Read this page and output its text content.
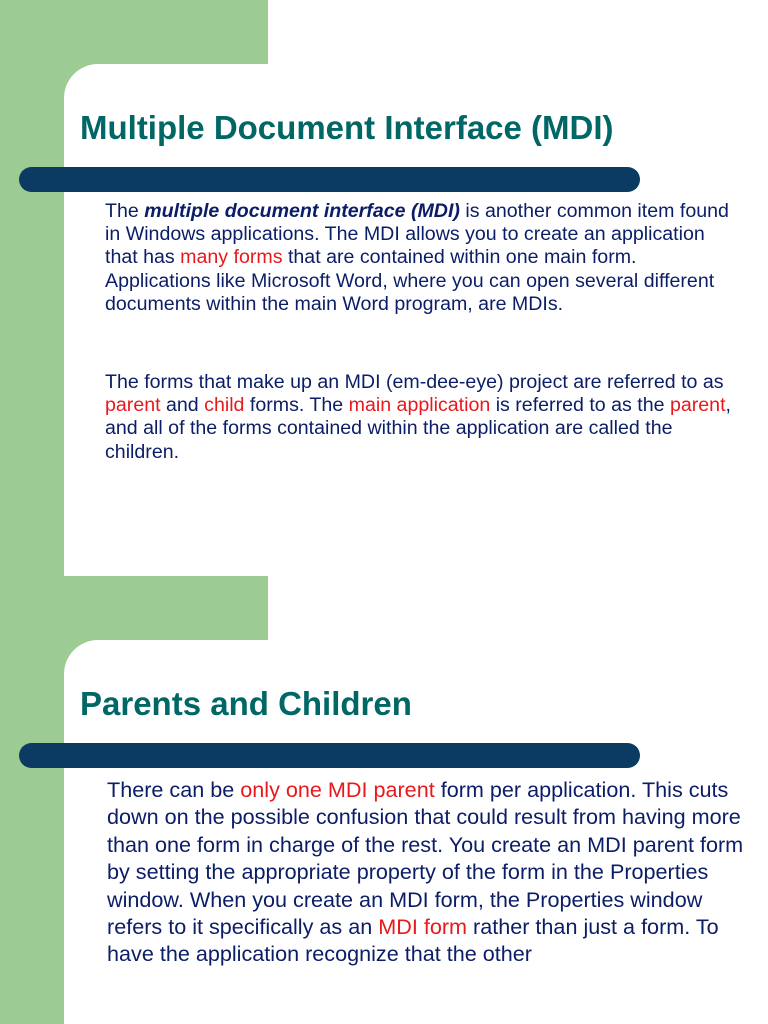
Multiple Document Interface (MDI)

The multiple document interface (MDI) is another common item found in Windows applications. The MDI allows you to create an application that has many forms that are contained within one main form. Applications like Microsoft Word, where you can open several different documents within the main Word program, are MDIs.

The forms that make up an MDI (em-dee-eye) project are referred to as parent and child forms. The main application is referred to as the parent, and all of the forms contained within the application are called the children.

Parents and Children

There can be only one MDI parent form per application. This cuts down on the possible confusion that could result from having more than one form in charge of the rest. You create an MDI parent form by setting the appropriate property of the form in the Properties window. When you create an MDI form, the Properties window refers to it specifically as an MDI form rather than just a form. To have the application recognize that the other
